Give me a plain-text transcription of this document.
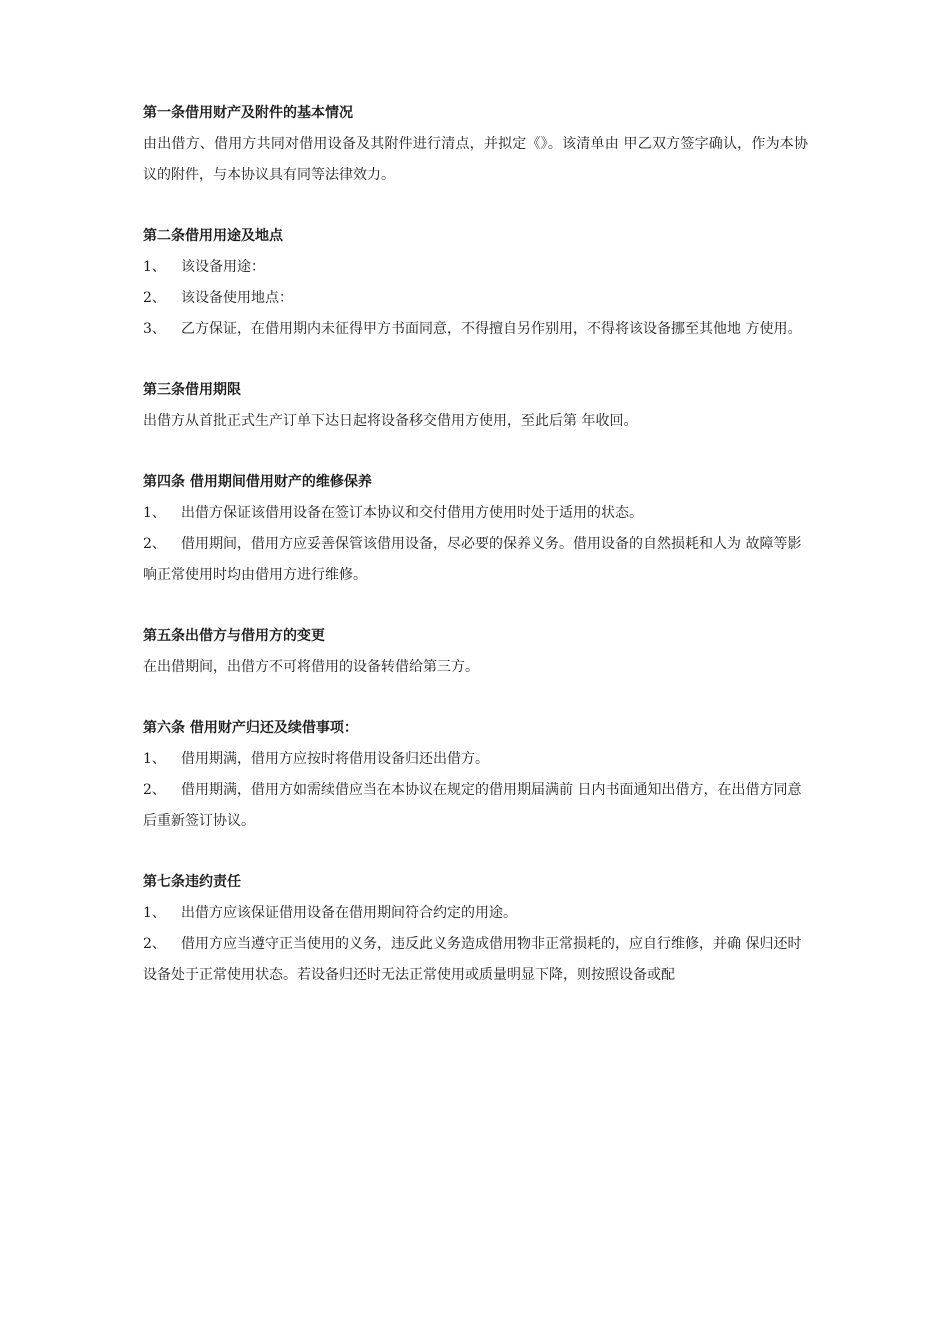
第一条借用财产及附件的基本情况
由出借方、借用方共同对借用设备及其附件进行清点，并拟定《》。该清单由 甲乙双方签字确认，作为本协议的附件，与本协议具有同等法律效力。
第二条借用用途及地点
1、 该设备用途：
2、 该设备使用地点：
3、 乙方保证，在借用期内未征得甲方书面同意，不得擅自另作别用，不得将该设备挪至其他地 方使用。
第三条借用期限
出借方从首批正式生产订单下达日起将设备移交借用方使用，至此后第 年收回。
第四条 借用期间借用财产的维修保养
1、 出借方保证该借用设备在签订本协议和交付借用方使用时处于适用的状态。
2、 借用期间，借用方应妥善保管该借用设备，尽必要的保养义务。借用设备的自然损耗和人为 故障等影响正常使用时均由借用方进行维修。
第五条出借方与借用方的变更
在出借期间，出借方不可将借用的设备转借给第三方。
第六条 借用财产归还及续借事项：
1、 借用期满，借用方应按时将借用设备归还出借方。
2、 借用期满，借用方如需续借应当在本协议在规定的借用期届满前 日内书面通知出借方，在出借方同意后重新签订协议。
第七条违约责任
1、 出借方应该保证借用设备在借用期间符合约定的用途。
2、 借用方应当遵守正当使用的义务，违反此义务造成借用物非正常损耗的，应自行维修，并确 保归还时设备处于正常使用状态。若设备归还时无法正常使用或质量明显下降，则按照设备或配
